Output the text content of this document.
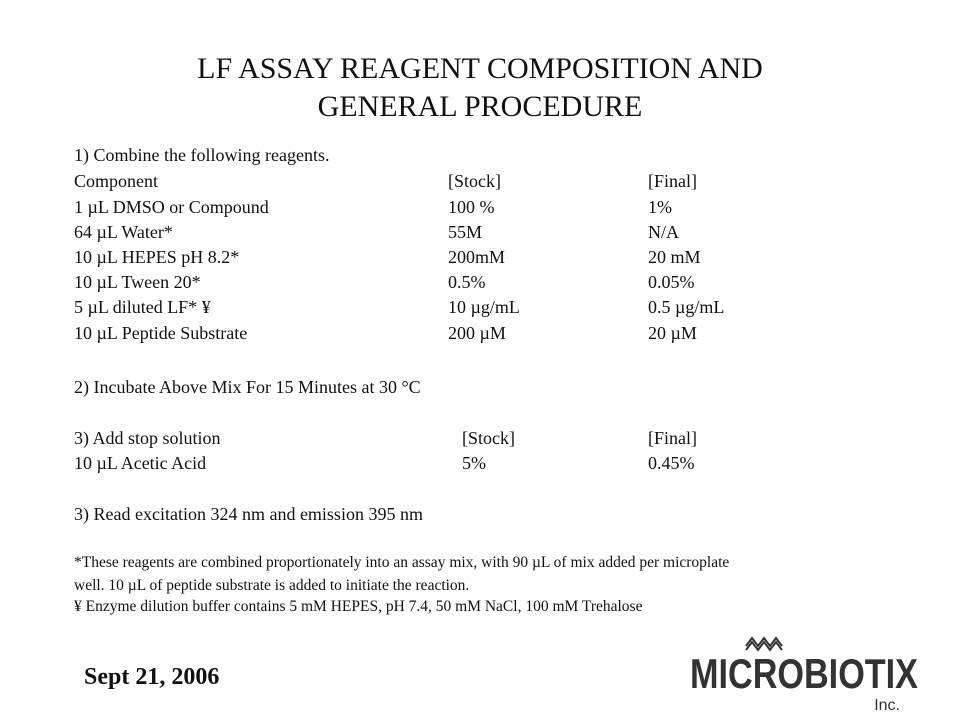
LF ASSAY REAGENT COMPOSITION AND
GENERAL PROCEDURE
1) Combine the following reagents.
Component	[Stock]	[Final]
1 µL DMSO or Compound	100 %	1%
64 µL Water*	55M	N/A
10 µL HEPES pH 8.2*	200mM	20 mM
10 µL Tween 20*	0.5%	0.05%
5 µL diluted LF* ¥	10 µg/mL	0.5 µg/mL
10 µL Peptide Substrate	200 µM	20 µM
2) Incubate Above Mix For 15 Minutes at 30 °C
3) Add stop solution	[Stock]	[Final]
10 µL Acetic Acid	5%	0.45%
3) Read excitation 324 nm and emission 395 nm
*These reagents are combined proportionately into an assay mix, with 90 µL of mix added per microplate
well. 10 µL of peptide substrate is added to initiate the reaction.
¥ Enzyme dilution buffer contains 5 mM HEPES, pH 7.4, 50 mM NaCl, 100 mM Trehalose
Sept 21, 2006	MICROBIOTIX
Inc.
